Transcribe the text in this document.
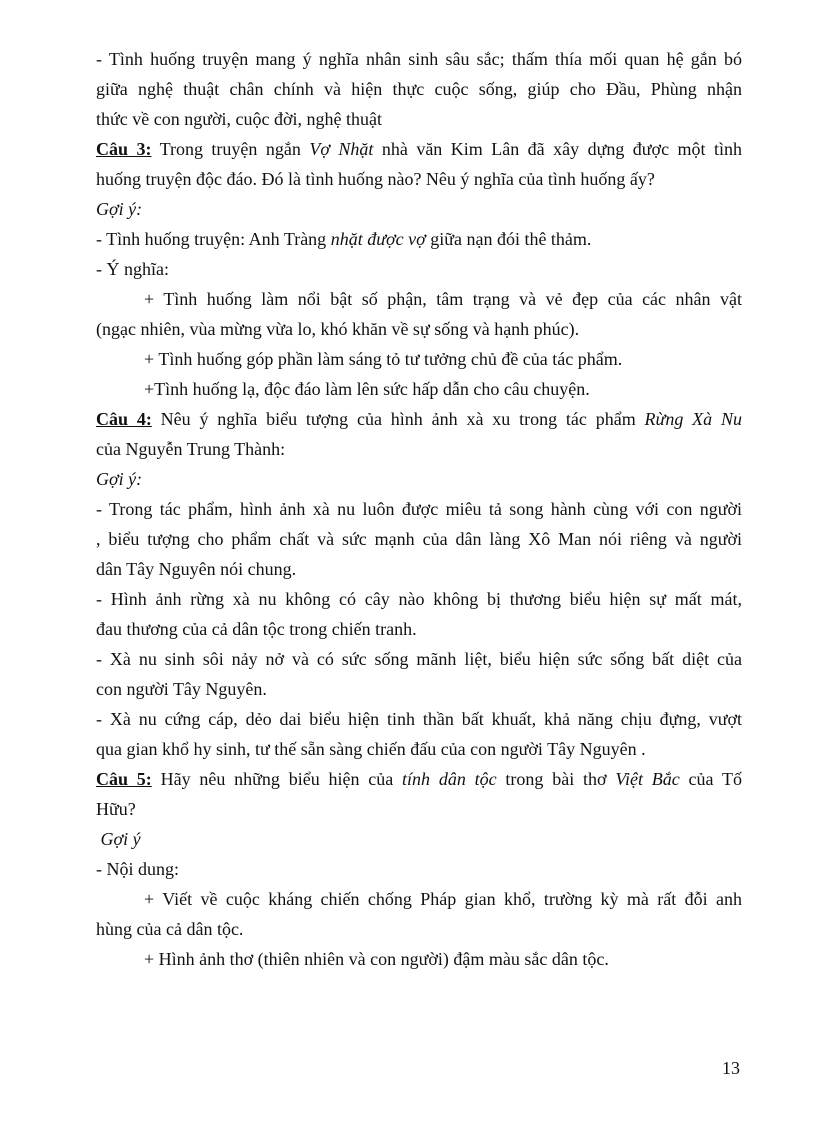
- Tình huống truyện mang ý nghĩa nhân sinh sâu sắc; thấm thía mối quan hệ gắn bó
giữa nghệ thuật chân chính và hiện thực cuộc sống, giúp cho Đầu, Phùng nhận
thức về con người, cuộc đời, nghệ thuật
Câu 3: Trong truyện ngắn Vợ Nhặt nhà văn Kim Lân đã xây dựng được một tình
huống truyện độc đáo. Đó là tình huống nào? Nêu ý nghĩa của tình huống ấy?
Gợi ý:
- Tình huống truyện: Anh Tràng nhặt được vợ giữa nạn đói thê thảm.
- Ý nghĩa:
+ Tình huống làm nổi bật số phận, tâm trạng và vẻ đẹp của các nhân vật
(ngạc nhiên, vùa mừng vừa lo, khó khăn về sự sống và hạnh phúc).
+ Tình huống góp phần làm sáng tỏ tư tưởng chủ đề của tác phẩm.
+Tình huống lạ, độc đáo làm lên sức hấp dẫn cho câu chuyện.
Câu 4: Nêu ý nghĩa biểu tượng của hình ảnh xà xu trong tác phẩm Rừng Xà Nu
của Nguyễn Trung Thành:
Gợi ý:
- Trong tác phẩm, hình ảnh xà nu luôn được miêu tả song hành cùng với con người
, biểu tượng cho phẩm chất và sức mạnh của dân làng Xô Man nói riêng và người
dân Tây Nguyên nói chung.
- Hình ảnh rừng xà nu không có cây nào không bị thương biểu hiện sự mất mát,
đau thương của cả dân tộc trong chiến tranh.
- Xà nu sinh sôi nảy nở và có sức sống mãnh liệt, biểu hiện sức sống bất diệt của
con người Tây Nguyên.
- Xà nu cứng cáp, dẻo dai biểu hiện tinh thần bất khuất, khả năng chịu đựng, vượt
qua gian khổ hy sinh, tư thế sẵn sàng chiến đấu của con người Tây Nguyên .
Câu 5: Hãy nêu những biểu hiện của tính dân tộc trong bài thơ Việt Bắc của Tố
Hữu?
Gợi ý
- Nội dung:
+ Viết về cuộc kháng chiến chống Pháp gian khổ, trường kỳ mà rất đỗi anh
hùng của cả dân tộc.
+ Hình ảnh thơ (thiên nhiên và con người) đậm màu sắc dân tộc.
13
